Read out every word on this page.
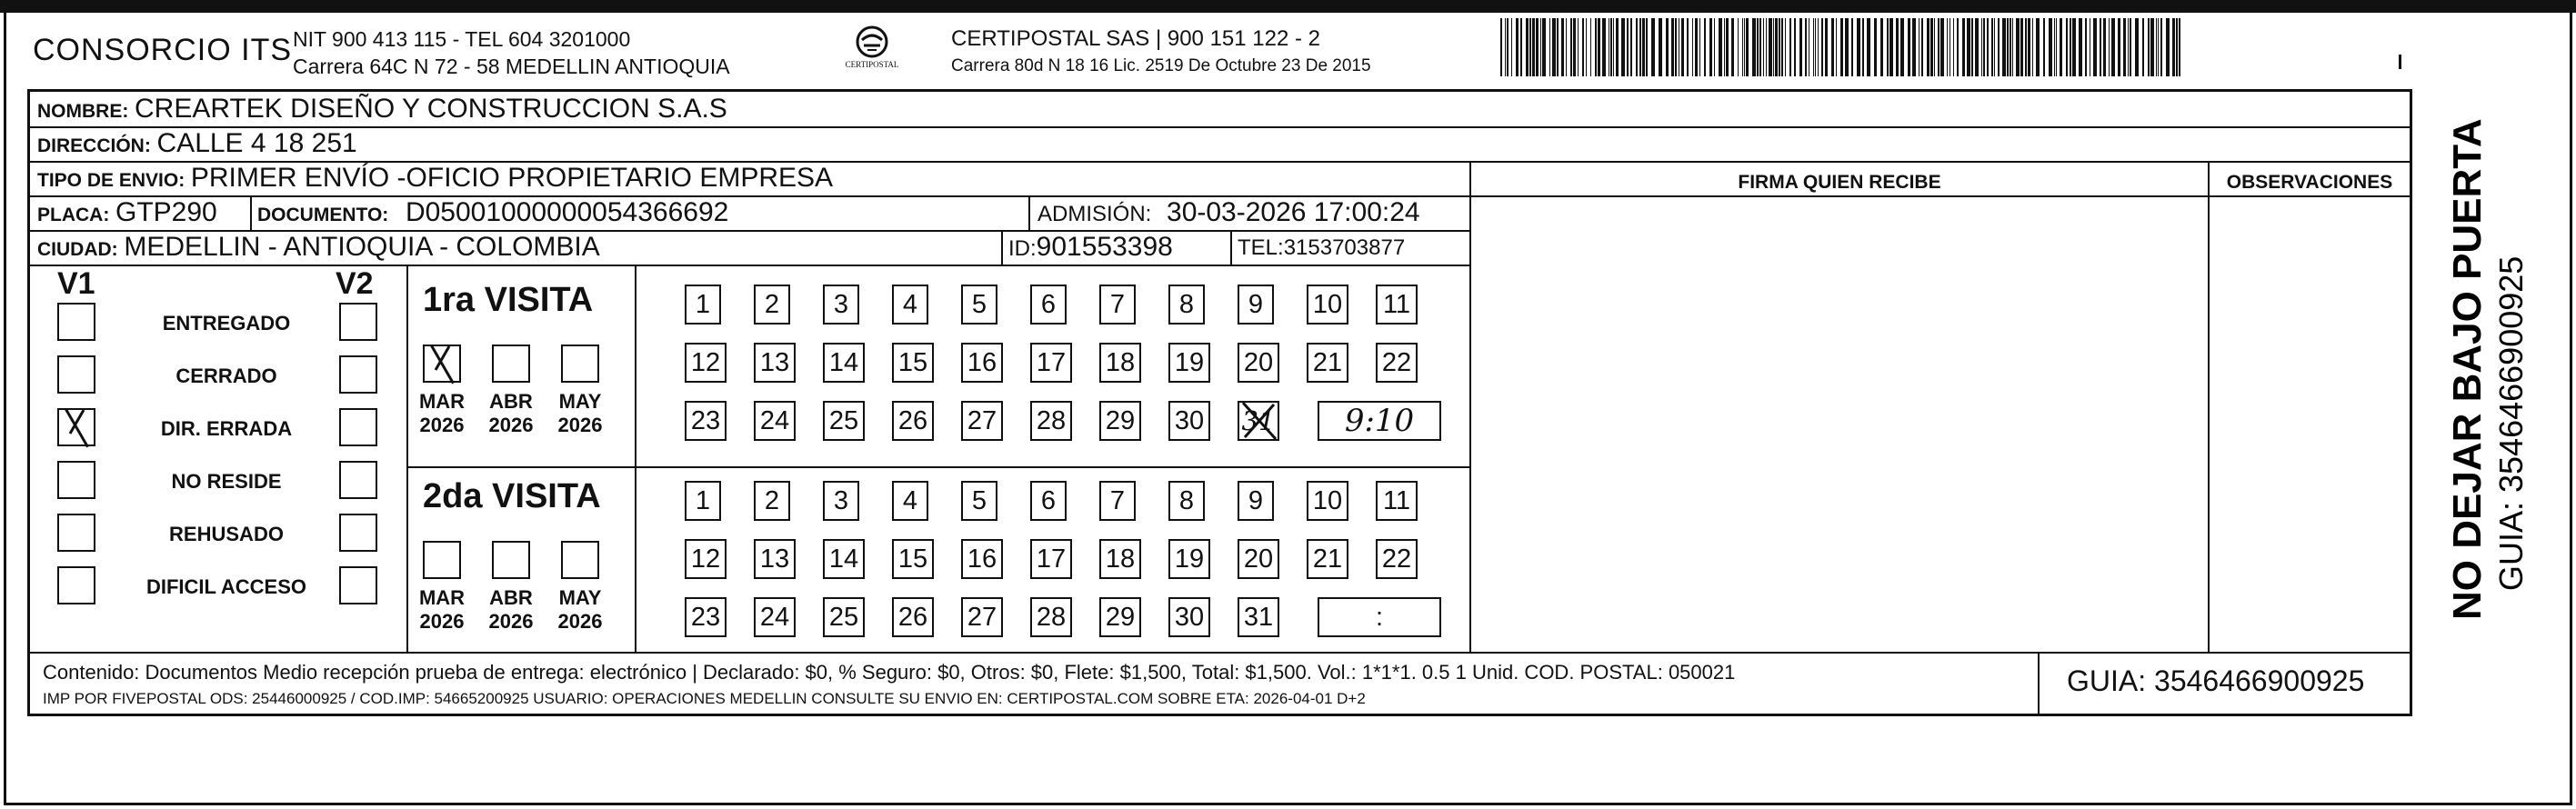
CONSORCIO ITS NIT 900 413 115 - TEL 604 3201000
Carrera 64C N 72 - 58 MEDELLIN ANTIOQUIA	CERTIPOSTAL
CERTIPOSTAL SAS | 900 151 122 - 2
Carrera 80d N 18 16 Lic. 2519 De Octubre 23 De 2015
NOMBRE: CREARTEK DISEÑO Y CONSTRUCCION S.A.S
DIRECCIÓN: CALLE 4 18 251
TIPO DE ENVIO: PRIMER ENVÍO -OFICIO PROPIETARIO EMPRESA	FIRMA QUIEN RECIBE	OBSERVACIONES
PLACA: GTP290 DOCUMENTO: D05001000000054366692	ADMISIÓN: 30-03-2026 17:00:24
CIUDAD: MEDELLIN - ANTIOQUIA - COLOMBIA	ID:901553398	TEL:3153703877
V1	V2
ENTREGADO
CERRADO
DIR. ERRADA
NO RESIDE
REHUSADO
DIFICIL ACCESO
1ra VISITA
MAR
2026
ABR
2026
MAY
2026
1	2	3	4	5	6	7	8	9	10 11
12 13 14 15 16 17 18 19 20 21 22
23 24 25 26 27 28 29 30 31	9:10
2da VISITA
MAR
2026
ABR
2026
MAY
2026
1	2	3	4	5	6	7	8	9	10 11
12 13 14 15 16 17 18 19 20 21 22
23 24 25 26 27 28 29 30 31	:
Contenido: Documentos Medio recepción prueba de entrega: electrónico | Declarado: $0, % Seguro: $0, Otros: $0, Flete: $1,500, Total: $1,500. Vol.: 1*1*1. 0.5 1 Unid. COD. POSTAL: 050021
IMP POR FIVEPOSTAL ODS: 25446000925 / COD.IMP: 54665200925 USUARIO: OPERACIONES MEDELLIN CONSULTE SU ENVIO EN: CERTIPOSTAL.COM SOBRE ETA: 2026-04-01 D+2
GUIA: 3546466900925
NO DEJAR BAJO PUERTA GUIA: 3546466900925
